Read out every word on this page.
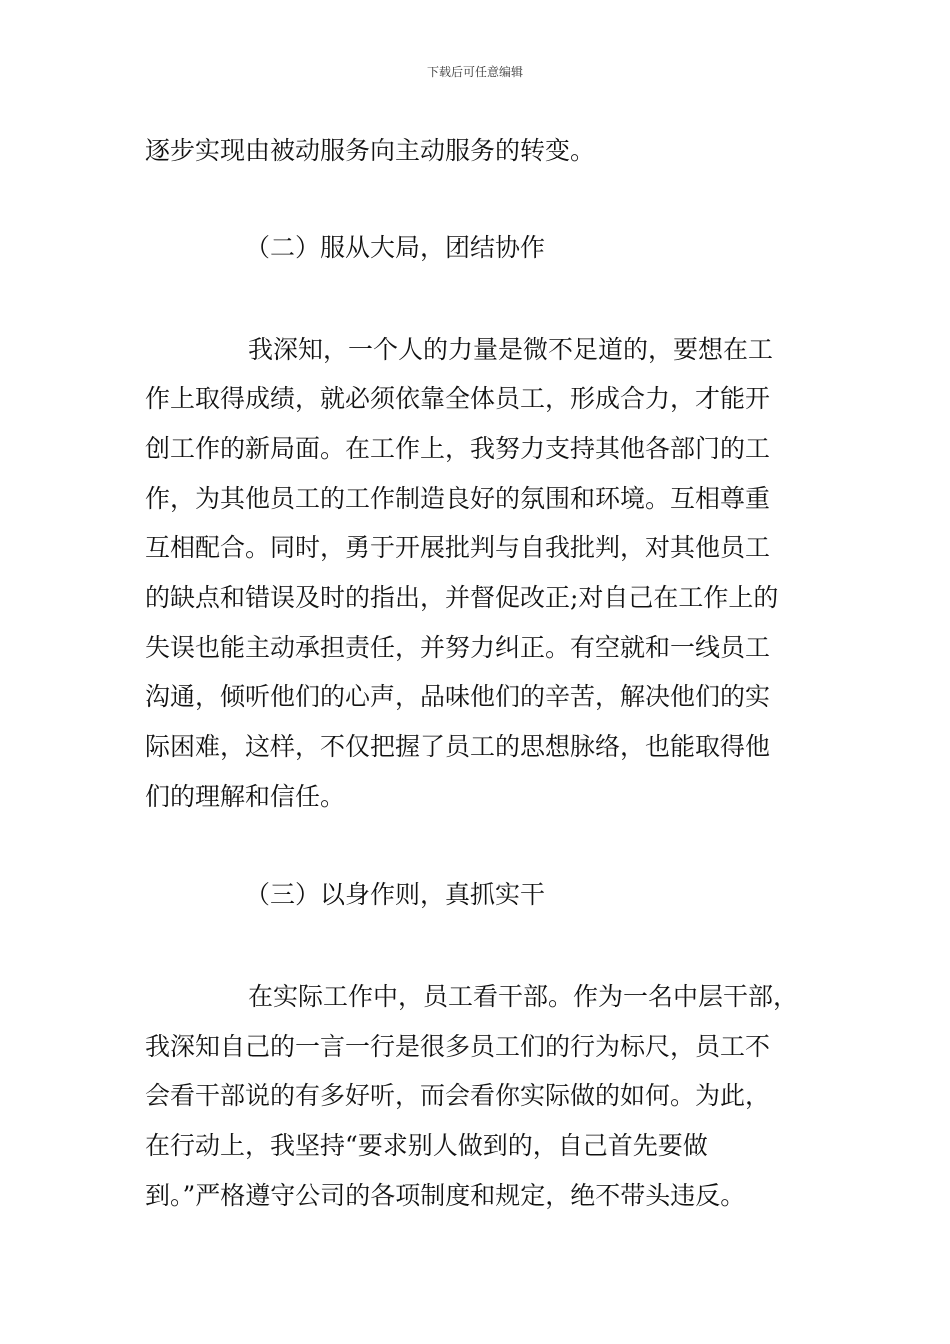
下载后可任意编辑
逐步实现由被动服务向主动服务的转变。
（二）服从大局，团结协作
我深知，一个人的力量是微不足道的，要想在工
作上取得成绩，就必须依靠全体员工，形成合力，才能开
创工作的新局面。在工作上，我努力支持其他各部门的工
作，为其他员工的工作制造良好的氛围和环境。互相尊重
互相配合。同时，勇于开展批判与自我批判，对其他员工
的缺点和错误及时的指出，并督促改正;对自己在工作上的
失误也能主动承担责任，并努力纠正。有空就和一线员工
沟通，倾听他们的心声，品味他们的辛苦，解决他们的实
际困难，这样，不仅把握了员工的思想脉络，也能取得他
们的理解和信任。
（三）以身作则，真抓实干
在实际工作中，员工看干部。作为一名中层干部，
我深知自己的一言一行是很多员工们的行为标尺，员工不
会看干部说的有多好听，而会看你实际做的如何。为此，
在行动上，我坚持“要求别人做到的，自己首先要做
到。”严格遵守公司的各项制度和规定，绝不带头违反。
